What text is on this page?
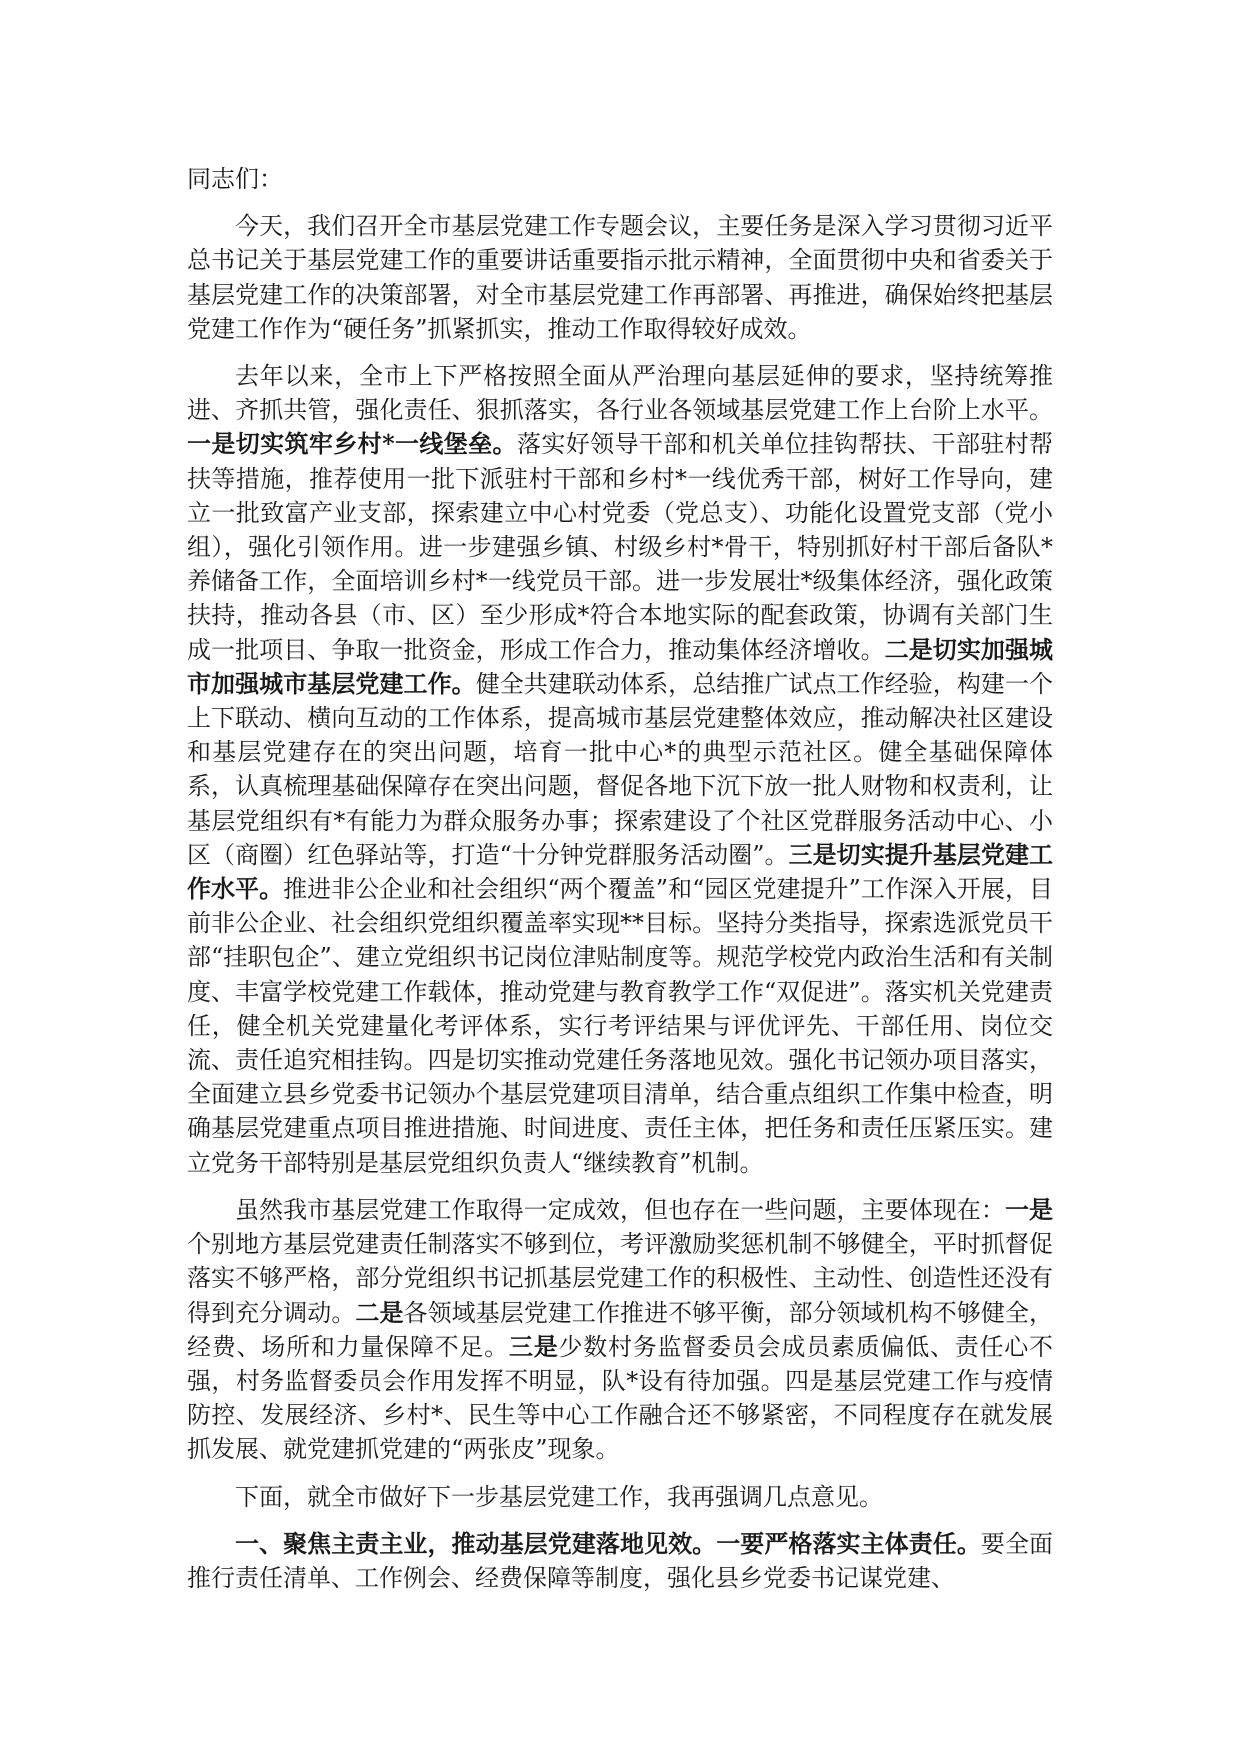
同志们：

今天，我们召开全市基层党建工作专题会议，主要任务是深入学习贯彻习近平总书记关于基层党建工作的重要讲话重要指示批示精神，全面贯彻中央和省委关于基层党建工作的决策部署，对全市基层党建工作再部署、再推进，确保始终把基层党建工作作为“硬任务”抓紧抓实，推动工作取得较好成效。

去年以来，全市上下严格按照全面从严治理向基层延伸的要求，坚持统筹推进、齐抓共管，强化责任、狠抓落实，各行业各领域基层党建工作上台阶上水平。一是切实筑牢乡村*一线堡垒。落实好领导干部和机关单位挂钩帮扶、干部驻村帮扶等措施，推荐使用一批下派驻村干部和乡村*一线优秀干部，树好工作导向，建立一批致富产业支部，探索建立中心村党委（党总支）、功能化设置党支部（党小组），强化引领作用。进一步建强乡镇、村级乡村*骨干，特别抓好村干部后备队*养储备工作，全面培训乡村*一线党员干部。进一步发展壮*级集体经济，强化政策扶持，推动各县（市、区）至少形成*符合本地实际的配套政策，协调有关部门生成一批项目、争取一批资金，形成工作合力，推动集体经济增收。二是切实加强城市加强城市基层党建工作。健全共建联动体系，总结推广试点工作经验，构建一个上下联动、横向互动的工作体系，提高城市基层党建整体效应，推动解决社区建设和基层党建存在的突出问题，培育一批中心*的典型示范社区。健全基础保障体系，认真梳理基础保障存在突出问题，督促各地下沉下放一批人财物和权责利，让基层党组织有*有能力为群众服务办事；探索建设了个社区党群服务活动中心、小区（商圈）红色驿站等，打造“十分钟党群服务活动圈”。三是切实提升基层党建工作水平。推进非公企业和社会组织“两个覆盖”和“园区党建提升”工作深入开展，目前非公企业、社会组织党组织覆盖率实现**目标。坚持分类指导，探索选派党员干部“挂职包企”、建立党组织书记岗位津贴制度等。规范学校党内政治生活和有关制度、丰富学校党建工作载体，推动党建与教育教学工作“双促进”。落实机关党建责任，健全机关党建量化考评体系，实行考评结果与评优评先、干部任用、岗位交流、责任追究相挂钩。四是切实推动党建任务落地见效。强化书记领办项目落实，全面建立县乡党委书记领办个基层党建项目清单，结合重点组织工作集中检查，明确基层党建重点项目推进措施、时间进度、责任主体，把任务和责任压紧压实。建立党务干部特别是基层党组织负责人“继续教育”机制。

虽然我市基层党建工作取得一定成效，但也存在一些问题，主要体现在：一是个别地方基层党建责任制落实不够到位，考评激励奖惩机制不够健全，平时抓督促落实不够严格，部分党组织书记抓基层党建工作的积极性、主动性、创造性还没有得到充分调动。二是各领域基层党建工作推进不够平衡，部分领域机构不够健全，经费、场所和力量保障不足。三是少数村务监督委员会成员素质偏低、责任心不强，村务监督委员会作用发挥不明显，队*设有待加强。四是基层党建工作与疫情防控、发展经济、乡村*、民生等中心工作融合还不够紧密，不同程度存在就发展抓发展、就党建抓党建的“两张皮”现象。

下面，就全市做好下一步基层党建工作，我再强调几点意见。

一、聚焦主责主业，推动基层党建落地见效。一要严格落实主体责任。要全面推行责任清单、工作例会、经费保障等制度，强化县乡党委书记谋党建、
